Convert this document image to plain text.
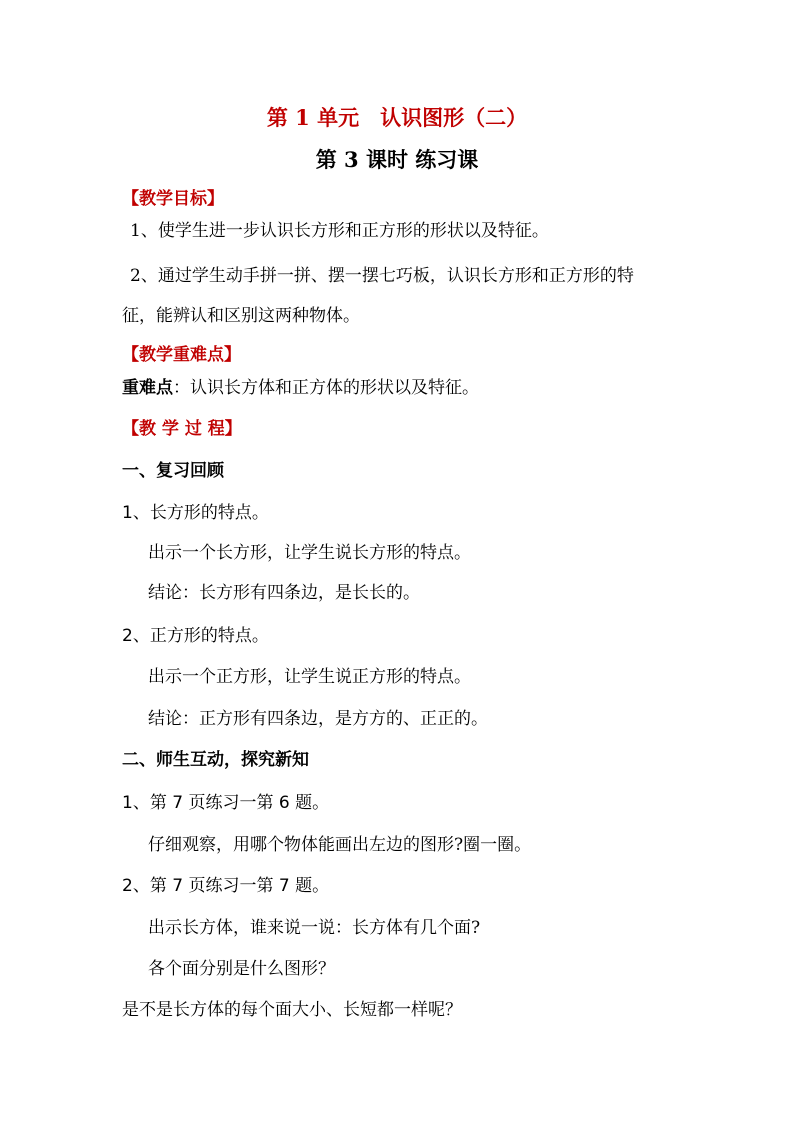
第 1 单元　认识图形（二）
第 3 课时 练习课
【教学目标】
1、使学生进一步认识长方形和正方形的形状以及特征。
2、通过学生动手拼一拼、摆一摆七巧板，认识长方形和正方形的特
征，能辨认和区别这两种物体。
【教学重难点】
重难点：认识长方体和正方体的形状以及特征。
【教 学 过 程】
一、复习回顾
1、长方形的特点。
出示一个长方形，让学生说长方形的特点。
结论：长方形有四条边，是长长的。
2、正方形的特点。
出示一个正方形，让学生说正方形的特点。
结论：正方形有四条边，是方方的、正正的。
二、师生互动，探究新知
1、第 7 页练习一第 6 题。
仔细观察，用哪个物体能画出左边的图形?圈一圈。
2、第 7 页练习一第 7 题。
出示长方体，谁来说一说：长方体有几个面?
各个面分别是什么图形？
是不是长方体的每个面大小、长短都一样呢？
